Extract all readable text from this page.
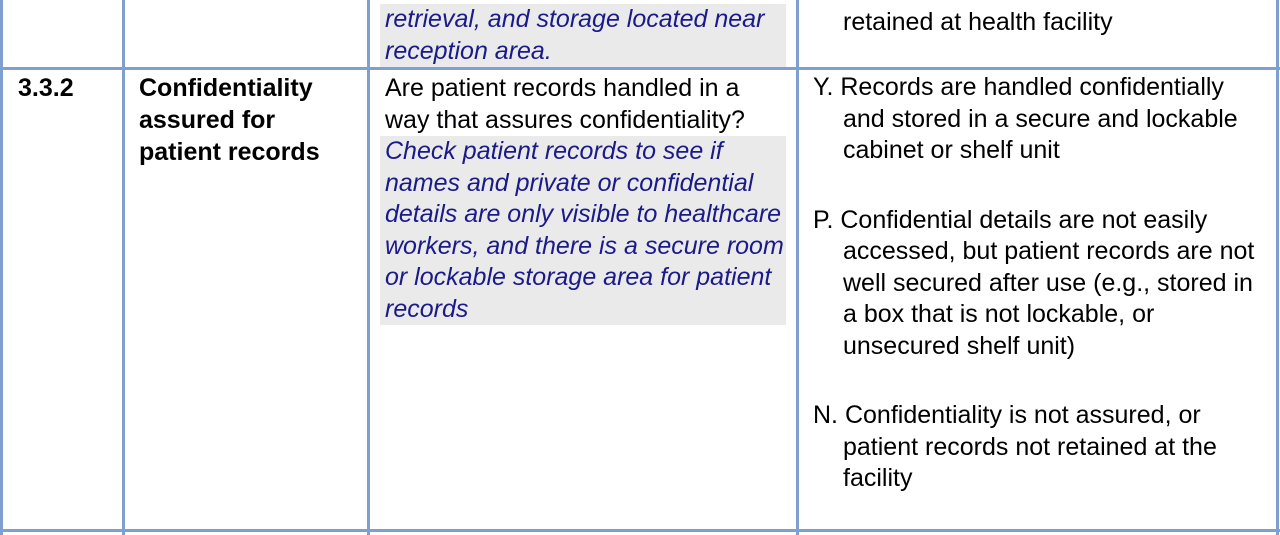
retrieval, and storage located near reception area.
retained at health facility
3.3.2	Confidentiality assured for patient records
Are patient records handled in a way that assures confidentiality?
Check patient records to see if names and private or confidential details are only visible to healthcare workers, and there is a secure room or lockable storage area for patient records

Y. Records are handled confidentially and stored in a secure and lockable cabinet or shelf unit

P. Confidential details are not easily accessed, but patient records are not well secured after use (e.g., stored in a box that is not lockable, or unsecured shelf unit)

N. Confidentiality is not assured, or patient records not retained at the facility
